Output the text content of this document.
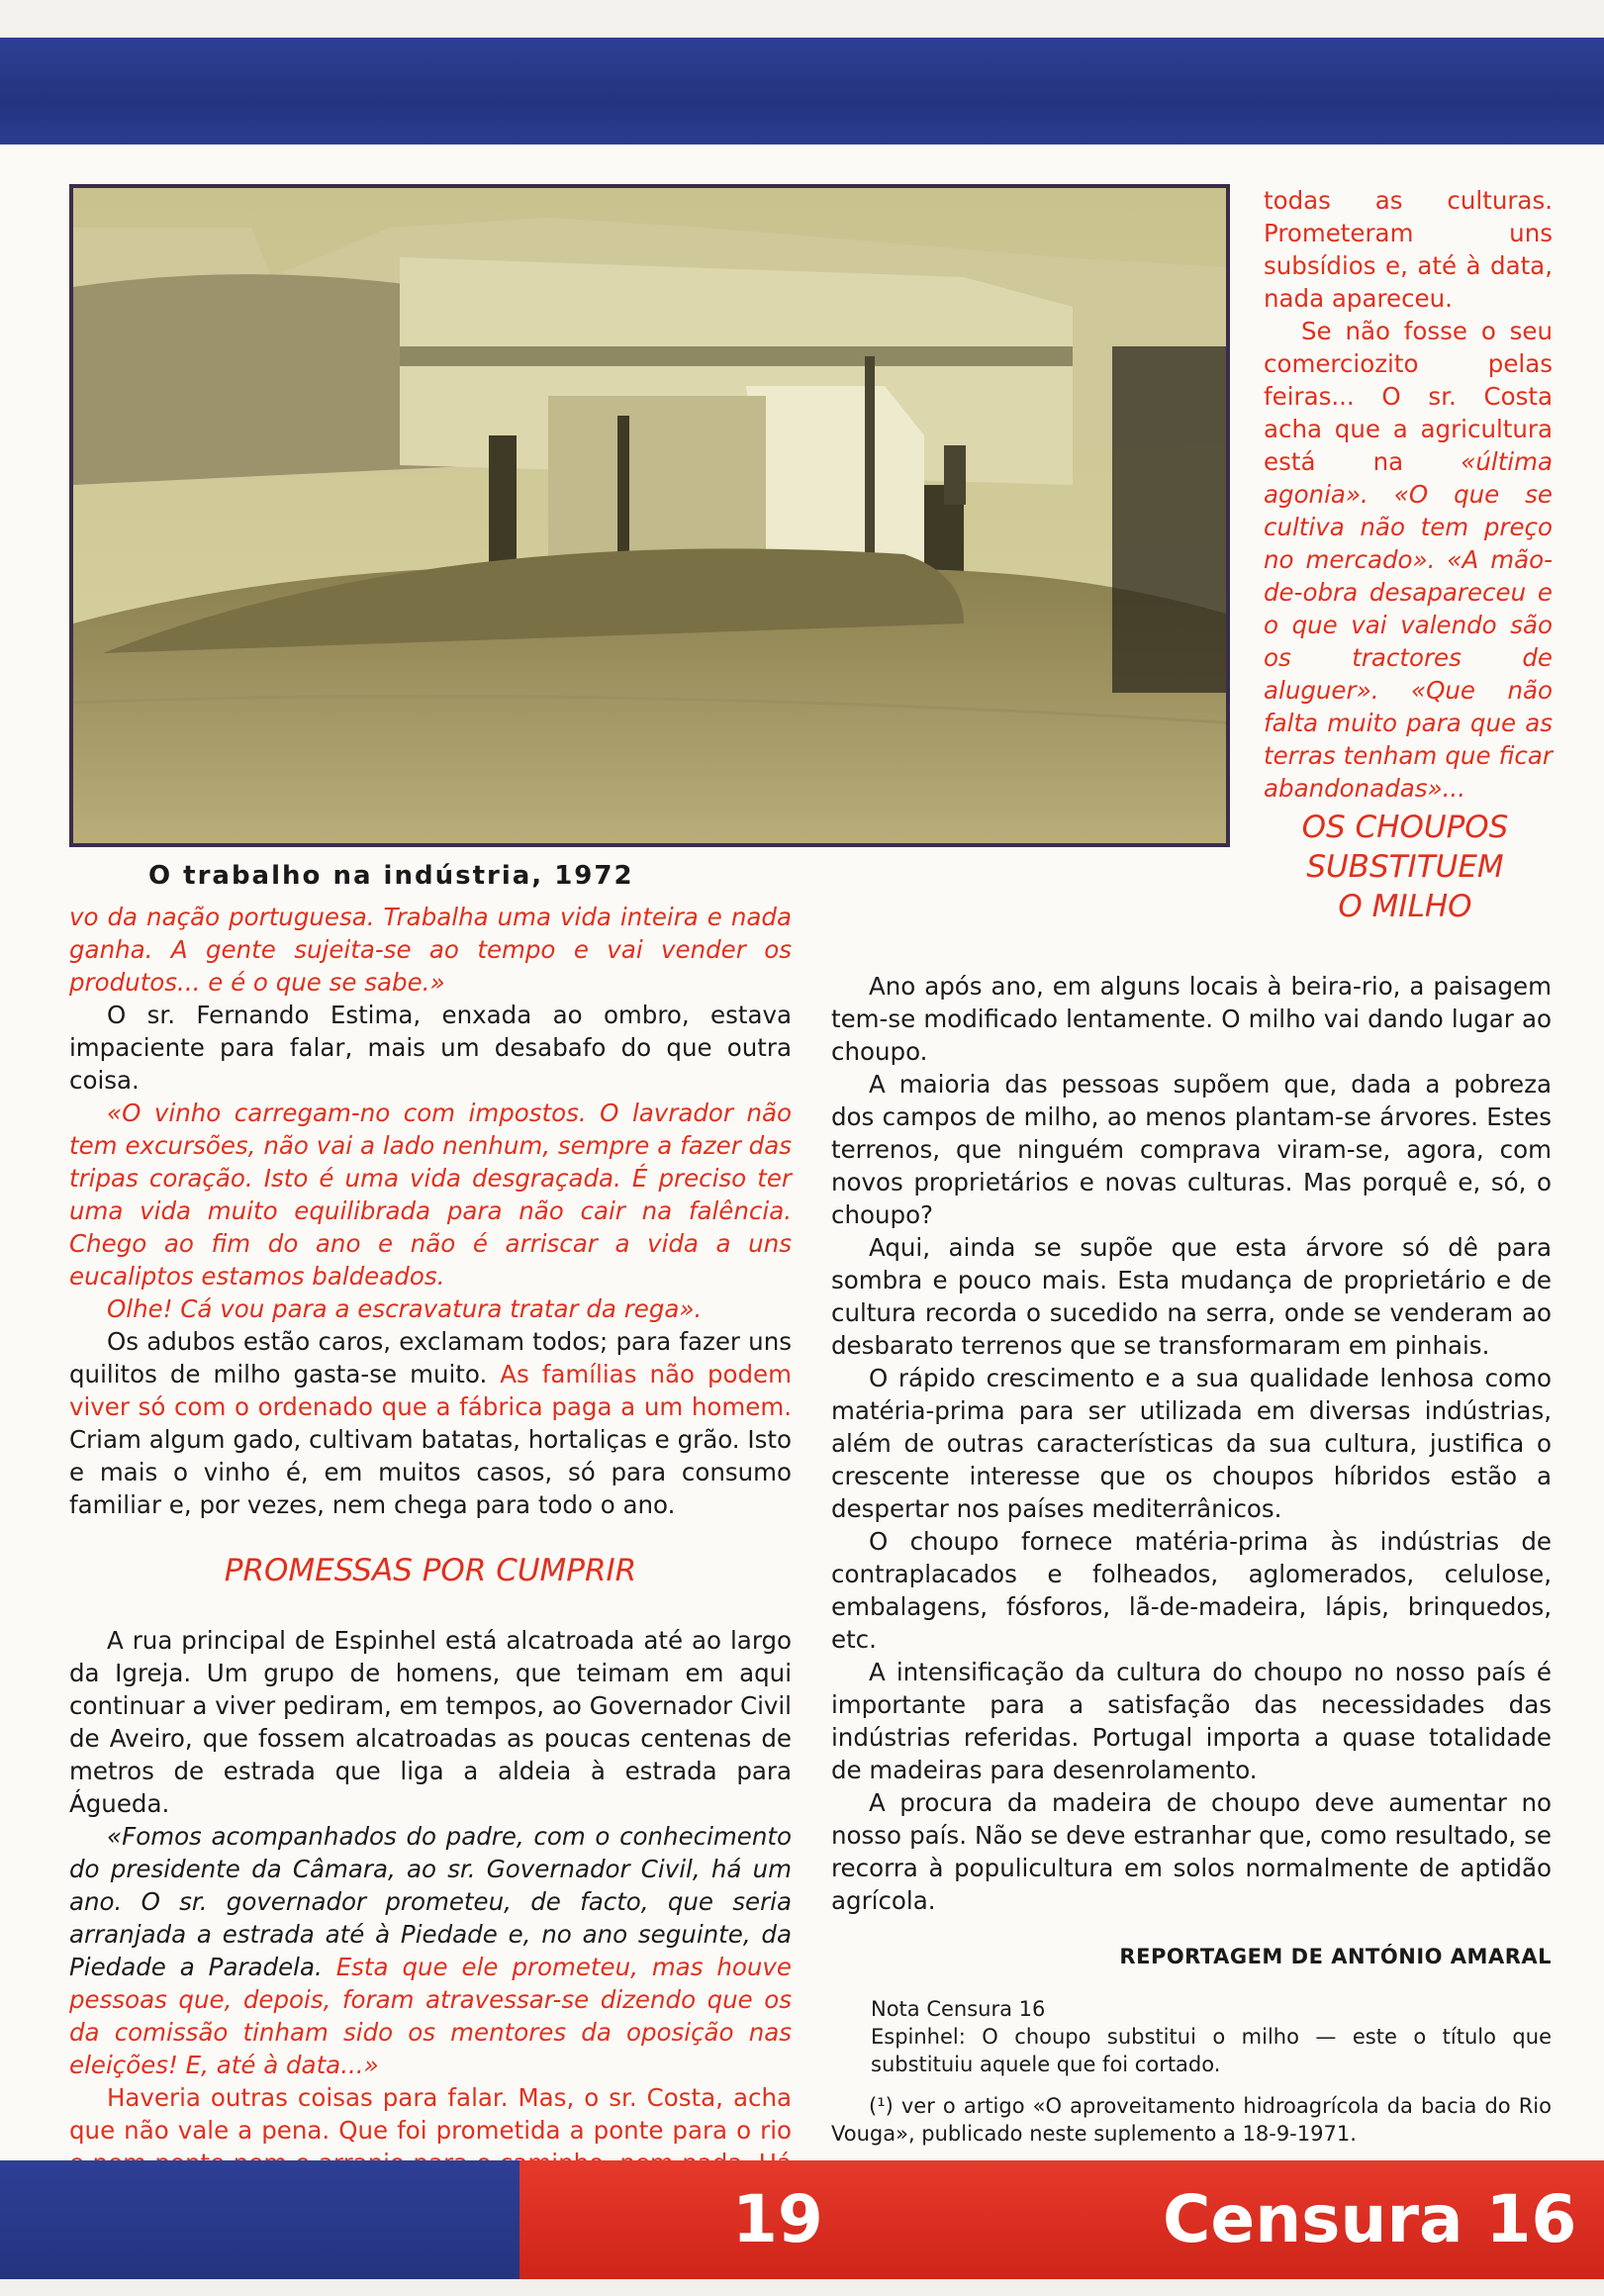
O trabalho na indústria, 1972

vo da nação portuguesa. Trabalha uma vida inteira e nada ganha. A gente sujeita-se ao tempo e vai vender os produtos... e é o que se sabe.»

O sr. Fernando Estima, enxada ao ombro, estava impaciente para falar, mais um desabafo do que outra coisa.

«O vinho carregam-no com impostos. O lavrador não tem excursões, não vai a lado nenhum, sempre a fazer das tripas coração. Isto é uma vida desgraçada. É preciso ter uma vida muito equilibrada para não cair na falência. Chego ao fim do ano e não é arriscar a vida a uns eucaliptos estamos baldeados.

Olhe! Cá vou para a escravatura tratar da rega».

Os adubos estão caros, exclamam todos; para fazer uns quilitos de milho gasta-se muito. As famílias não podem viver só com o ordenado que a fábrica paga a um homem. Criam algum gado, cultivam batatas, hortaliças e grão. Isto e mais o vinho é, em muitos casos, só para consumo familiar e, por vezes, nem chega para todo o ano.

PROMESSAS POR CUMPRIR

A rua principal de Espinhel está alcatroada até ao largo da Igreja. Um grupo de homens, que teimam em aqui continuar a viver pediram, em tempos, ao Governador Civil de Aveiro, que fossem alcatroadas as poucas centenas de metros de estrada que liga a aldeia à estrada para Águeda.

«Fomos acompanhados do padre, com o conhecimento do presidente da Câmara, ao sr. Governador Civil, há um ano. O sr. governador prometeu, de facto, que seria arranjada a estrada até à Piedade e, no ano seguinte, da Piedade a Paradela. Esta que ele prometeu, mas houve pessoas que, depois, foram atravessar-se dizendo que os da comissão tinham sido os mentores da oposição nas eleições! E, até à data...»

Haveria outras coisas para falar. Mas, o sr. Costa, acha que não vale a pena. Que foi prometida a ponte para o rio

todas as culturas. Prometeram uns subsídios e, até à data, nada apareceu.

Se não fosse o seu comerciozito pelas feiras... O sr. Costa acha que a agricultura está na «última agonia». «O que se cultiva não tem preço no mercado». «A mão-de-obra desapareceu e o que vai valendo são os tractores de aluguer». «Que não falta muito para que as terras tenham que ficar abandonadas»...

OS CHOUPOS
SUBSTITUEM
O MILHO

Ano após ano, em alguns locais à beira-rio, a paisagem tem-se modificado lentamente. O milho vai dando lugar ao choupo.

A maioria das pessoas supõem que, dada a pobreza dos campos de milho, ao menos plantam-se árvores. Estes terrenos, que ninguém comprava viram-se, agora, com novos proprietários e novas culturas. Mas porquê e, só, o choupo?

Aqui, ainda se supõe que esta árvore só dê para sombra e pouco mais. Esta mudança de proprietário e de cultura recorda o sucedido na serra, onde se venderam ao desbarato terrenos que se transformaram em pinhais.

O rápido crescimento e a sua qualidade lenhosa como matéria-prima para ser utilizada em diversas indústrias, além de outras características da sua cultura, justifica o crescente interesse que os choupos híbridos estão a despertar nos países mediterrânicos.

O choupo fornece matéria-prima às indústrias de contraplacados e folheados, aglomerados, celulose, embalagens, fósforos, lã-de-madeira, lápis, brinquedos, etc.

A intensificação da cultura do choupo no nosso país é importante para a satisfação das necessidades das indústrias referidas. Portugal importa a quase totalidade de madeiras para desenrolamento.

A procura da madeira de choupo deve aumentar no nosso país. Não se deve estranhar que, como resultado, se recorra à populicultura em solos normalmente de aptidão agrícola.

REPORTAGEM DE ANTÓNIO AMARAL

Nota Censura 16

Espinhel: O choupo substitui o milho — este o título que substituiu aquele que foi cortado.

(¹) ver o artigo «O aproveitamento hidroagrícola da bacia do Rio Vouga», publicado neste suplemento a 18-9-1971.

19	Censura 16
